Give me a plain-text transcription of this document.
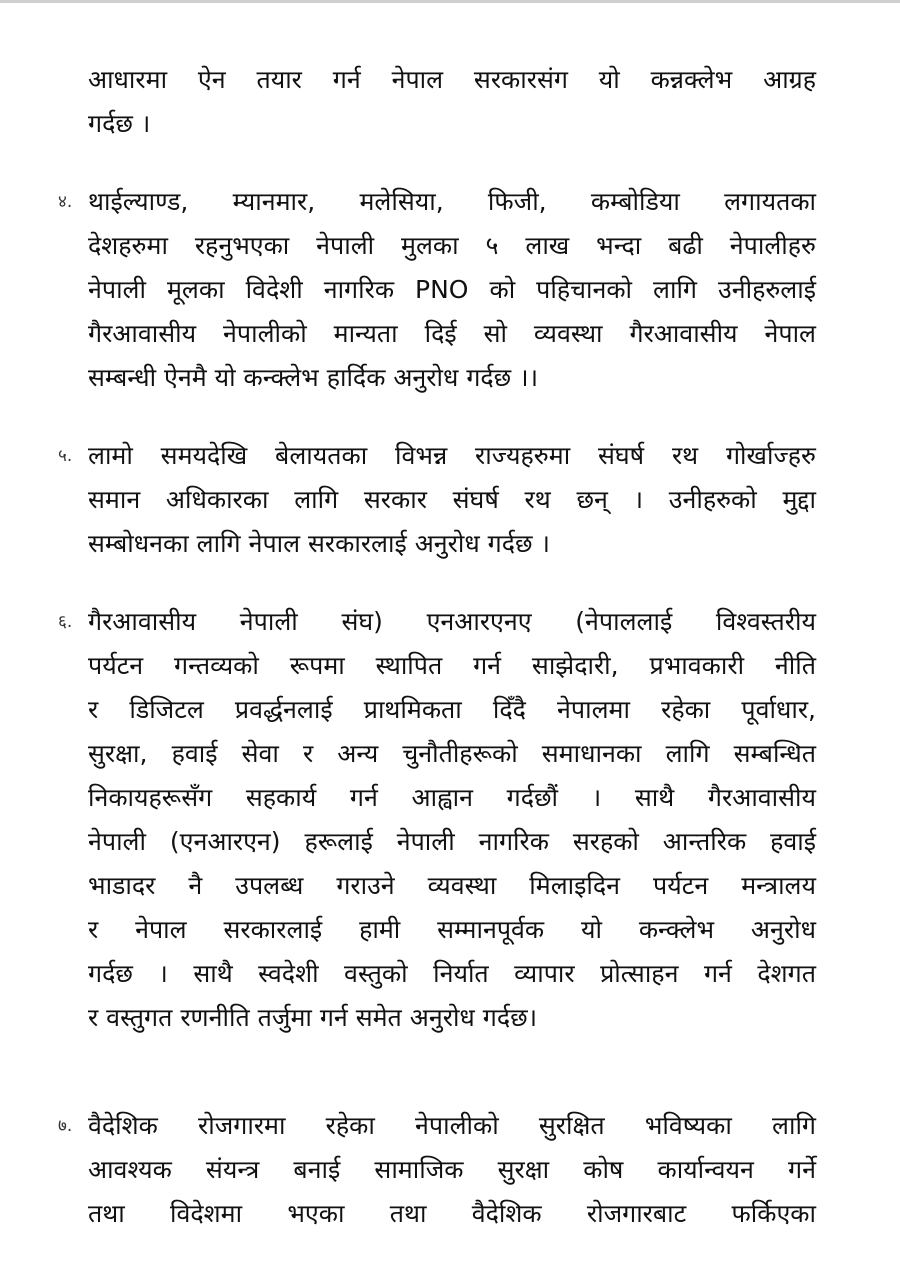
आधारमा ऐन तयार गर्न नेपाल सरकारसंग यो कन्नक्लेभ आग्रह
गर्दछ ।
४. थाईल्याण्ड, म्यानमार, मलेसिया, फिजी, कम्बोडिया लगायतका
देशहरुमा रहनुभएका नेपाली मुलका ५ लाख भन्दा बढी नेपालीहरु
नेपाली मूलका विदेशी नागरिक PNO को पहिचानको लागि उनीहरुलाई
गैरआवासीय नेपालीको मान्यता दिई सो व्यवस्था गैरआवासीय नेपाल
सम्बन्धी ऐनमै यो कन्क्लेभ हार्दिक अनुरोध गर्दछ ।।
५. लामो समयदेखि बेलायतका विभन्न राज्यहरुमा संघर्ष रथ गोर्खाज्हरु
समान अधिकारका लागि सरकार संघर्ष रथ छन् । उनीहरुको मुद्दा
सम्बोधनका लागि नेपाल सरकारलाई अनुरोध गर्दछ ।
६. गैरआवासीय नेपाली संघ) एनआरएनए (नेपाललाई विश्वस्तरीय
पर्यटन गन्तव्यको रूपमा स्थापित गर्न साझेदारी, प्रभावकारी नीति
र डिजिटल प्रवर्द्धनलाई प्राथमिकता दिँदै नेपालमा रहेका पूर्वाधार,
सुरक्षा, हवाई सेवा र अन्य चुनौतीहरूको समाधानका लागि सम्बन्धित
निकायहरूसँग सहकार्य गर्न आह्वान गर्दछौं । साथै गैरआवासीय
नेपाली (एनआरएन) हरूलाई नेपाली नागरिक सरहको आन्तरिक हवाई
भाडादर नै उपलब्ध गराउने व्यवस्था मिलाइदिन पर्यटन मन्त्रालय
र नेपाल सरकारलाई हामी सम्मानपूर्वक यो कन्क्लेभ अनुरोध
गर्दछ । साथै स्वदेशी वस्तुको निर्यात व्यापार प्रोत्साहन गर्न देशगत
र वस्तुगत रणनीति तर्जुमा गर्न समेत अनुरोध गर्दछ।
७. वैदेशिक रोजगारमा रहेका नेपालीको सुरक्षित भविष्यका लागि
आवश्यक संयन्त्र बनाई सामाजिक सुरक्षा कोष कार्यान्वयन गर्ने
तथा विदेशमा भएका तथा वैदेशिक रोजगारबाट फर्किएका
